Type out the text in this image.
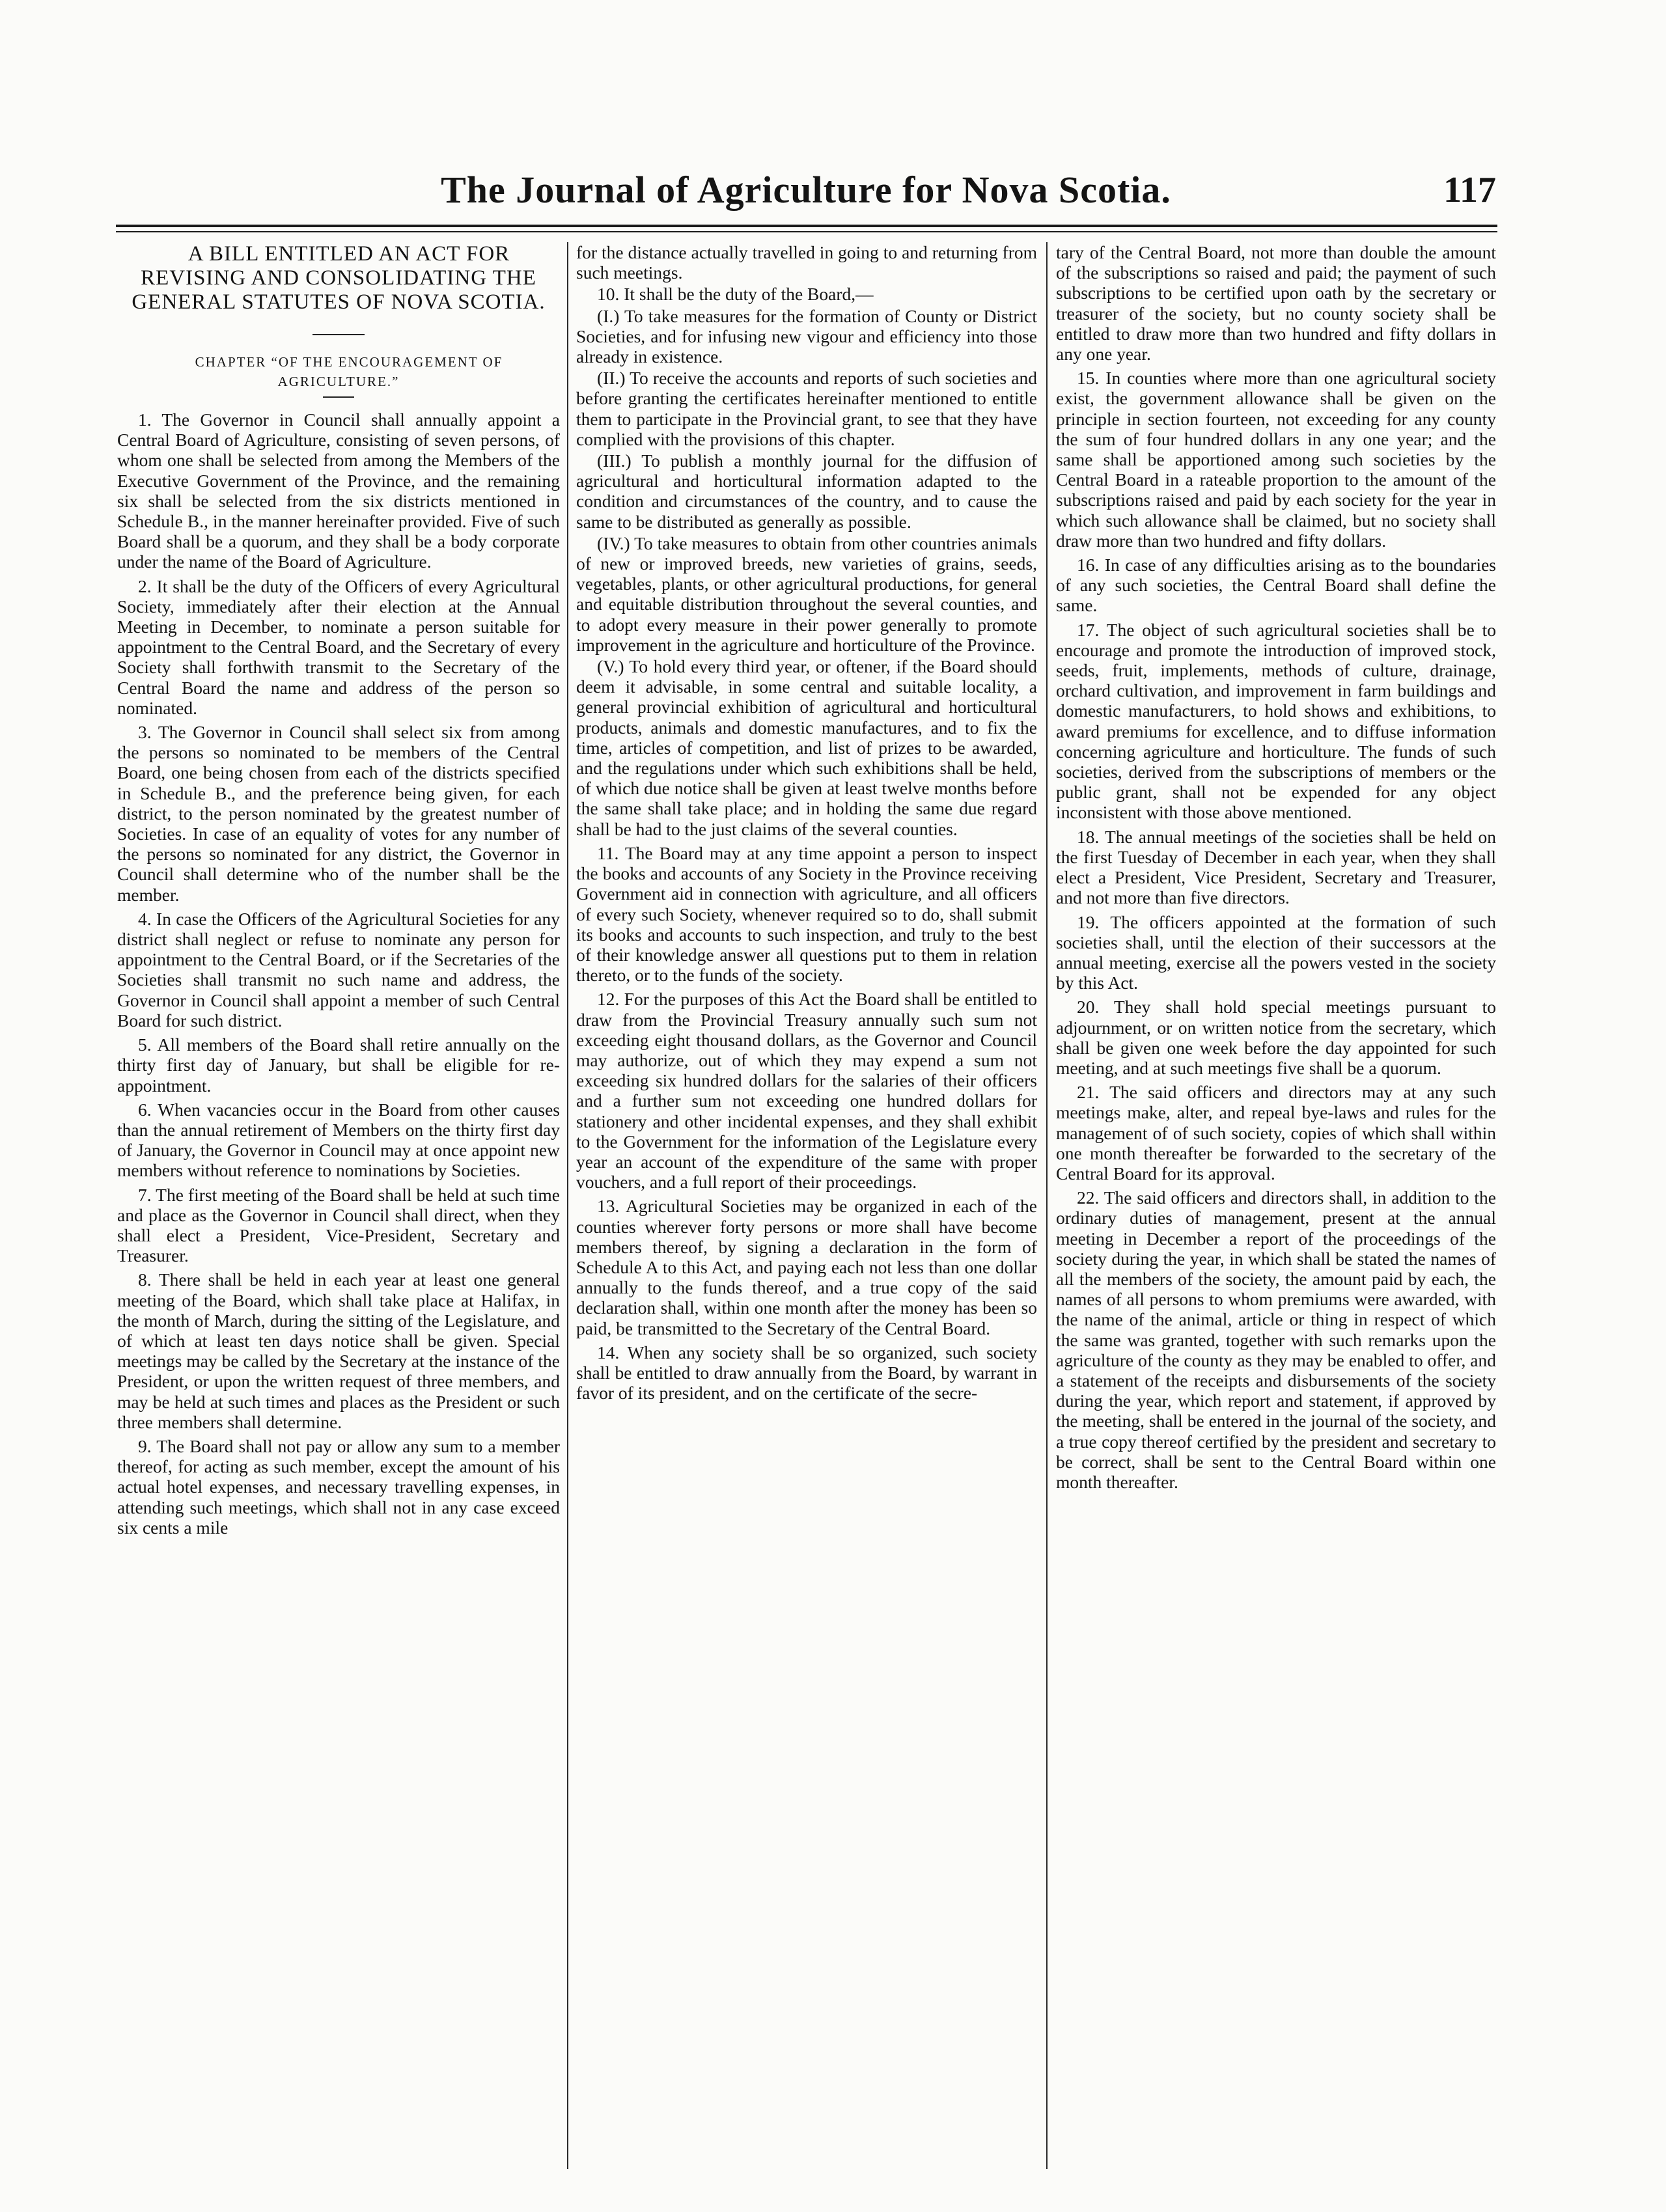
The Journal of Agriculture for Nova Scotia.	117

A BILL ENTITLED AN ACT FOR REVISING AND CONSOLIDATING THE GENERAL STATUTES OF NOVA SCOTIA.

CHAPTER “OF THE ENCOURAGEMENT OF AGRICULTURE.”

1. The Governor in Council shall annually appoint a Central Board of Agriculture, consisting of seven persons, of whom one shall be selected from among the Members of the Executive Government of the Province, and the remaining six shall be selected from the six districts mentioned in Schedule B., in the manner hereinafter provided. Five of such Board shall be a quorum, and they shall be a body corporate under the name of the Board of Agriculture.

2. It shall be the duty of the Officers of every Agricultural Society, immediately after their election at the Annual Meeting in December, to nominate a person suitable for appointment to the Central Board, and the Secretary of every Society shall forthwith transmit to the Secretary of the Central Board the name and address of the person so nominated.

3. The Governor in Council shall select six from among the persons so nominated to be members of the Central Board, one being chosen from each of the districts specified in Schedule B., and the preference being given, for each district, to the person nominated by the greatest number of Societies. In case of an equality of votes for any number of the persons so nominated for any district, the Governor in Council shall determine who of the number shall be the member.

4. In case the Officers of the Agricultural Societies for any district shall neglect or refuse to nominate any person for appointment to the Central Board, or if the Secretaries of the Societies shall transmit no such name and address, the Governor in Council shall appoint a member of such Central Board for such district.

5. All members of the Board shall retire annually on the thirty first day of January, but shall be eligible for re-appointment.

6. When vacancies occur in the Board from other causes than the annual retirement of Members on the thirty first day of January, the Governor in Council may at once appoint new members without reference to nominations by Societies.

7. The first meeting of the Board shall be held at such time and place as the Governor in Council shall direct, when they shall elect a President, Vice-President, Secretary and Treasurer.

8. There shall be held in each year at least one general meeting of the Board, which shall take place at Halifax, in the month of March, during the sitting of the Legislature, and of which at least ten days notice shall be given. Special meetings may be called by the Secretary at the instance of the President, or upon the written request of three members, and may be held at such times and places as the President or such three members shall determine.

9. The Board shall not pay or allow any sum to a member thereof, for acting as such member, except the amount of his actual hotel expenses, and necessary travelling expenses, in attending such meetings, which shall not in any case exceed six cents a mile

for the distance actually travelled in going to and returning from such meetings.

10. It shall be the duty of the Board,—

(I.) To take measures for the formation of County or District Societies, and for infusing new vigour and efficiency into those already in existence.

(II.) To receive the accounts and reports of such societies and before granting the certificates hereinafter mentioned to entitle them to participate in the Provincial grant, to see that they have complied with the provisions of this chapter.

(III.) To publish a monthly journal for the diffusion of agricultural and horticultural information adapted to the condition and circumstances of the country, and to cause the same to be distributed as generally as possible.

(IV.) To take measures to obtain from other countries animals of new or improved breeds, new varieties of grains, seeds, vegetables, plants, or other agricultural productions, for general and equitable distribution throughout the several counties, and to adopt every measure in their power generally to promote improvement in the agriculture and horticulture of the Province.

(V.) To hold every third year, or oftener, if the Board should deem it advisable, in some central and suitable locality, a general provincial exhibition of agricultural and horticultural products, animals and domestic manufactures, and to fix the time, articles of competition, and list of prizes to be awarded, and the regulations under which such exhibitions shall be held, of which due notice shall be given at least twelve months before the same shall take place; and in holding the same due regard shall be had to the just claims of the several counties.

11. The Board may at any time appoint a person to inspect the books and accounts of any Society in the Province receiving Government aid in connection with agriculture, and all officers of every such Society, whenever required so to do, shall submit its books and accounts to such inspection, and truly to the best of their knowledge answer all questions put to them in relation thereto, or to the funds of the society.

12. For the purposes of this Act the Board shall be entitled to draw from the Provincial Treasury annually such sum not exceeding eight thousand dollars, as the Governor and Council may authorize, out of which they may expend a sum not exceeding six hundred dollars for the salaries of their officers and a further sum not exceeding one hundred dollars for stationery and other incidental expenses, and they shall exhibit to the Government for the information of the Legislature every year an account of the expenditure of the same with proper vouchers, and a full report of their proceedings.

13. Agricultural Societies may be organized in each of the counties wherever forty persons or more shall have become members thereof, by signing a declaration in the form of Schedule A to this Act, and paying each not less than one dollar annually to the funds thereof, and a true copy of the said declaration shall, within one month after the money has been so paid, be transmitted to the Secretary of the Central Board.

14. When any society shall be so organized, such society shall be entitled to draw annually from the Board, by warrant in favor of its president, and on the certificate of the secre-

tary of the Central Board, not more than double the amount of the subscriptions so raised and paid; the payment of such subscriptions to be certified upon oath by the secretary or treasurer of the society, but no county society shall be entitled to draw more than two hundred and fifty dollars in any one year.

15. In counties where more than one agricultural society exist, the government allowance shall be given on the principle in section fourteen, not exceeding for any county the sum of four hundred dollars in any one year; and the same shall be apportioned among such societies by the Central Board in a rateable proportion to the amount of the subscriptions raised and paid by each society for the year in which such allowance shall be claimed, but no society shall draw more than two hundred and fifty dollars.

16. In case of any difficulties arising as to the boundaries of any such societies, the Central Board shall define the same.

17. The object of such agricultural societies shall be to encourage and promote the introduction of improved stock, seeds, fruit, implements, methods of culture, drainage, orchard cultivation, and improvement in farm buildings and domestic manufacturers, to hold shows and exhibitions, to award premiums for excellence, and to diffuse information concerning agriculture and horticulture. The funds of such societies, derived from the subscriptions of members or the public grant, shall not be expended for any object inconsistent with those above mentioned.

18. The annual meetings of the societies shall be held on the first Tuesday of December in each year, when they shall elect a President, Vice President, Secretary and Treasurer, and not more than five directors.

19. The officers appointed at the formation of such societies shall, until the election of their successors at the annual meeting, exercise all the powers vested in the society by this Act.

20. They shall hold special meetings pursuant to adjournment, or on written notice from the secretary, which shall be given one week before the day appointed for such meeting, and at such meetings five shall be a quorum.

21. The said officers and directors may at any such meetings make, alter, and repeal bye-laws and rules for the management of of such society, copies of which shall within one month thereafter be forwarded to the secretary of the Central Board for its approval.

22. The said officers and directors shall, in addition to the ordinary duties of management, present at the annual meeting in December a report of the proceedings of the society during the year, in which shall be stated the names of all the members of the society, the amount paid by each, the names of all persons to whom premiums were awarded, with the name of the animal, article or thing in respect of which the same was granted, together with such remarks upon the agriculture of the county as they may be enabled to offer, and a statement of the receipts and disbursements of the society during the year, which report and statement, if approved by the meeting, shall be entered in the journal of the society, and a true copy thereof certified by the president and secretary to be correct, shall be sent to the Central Board within one month thereafter.
